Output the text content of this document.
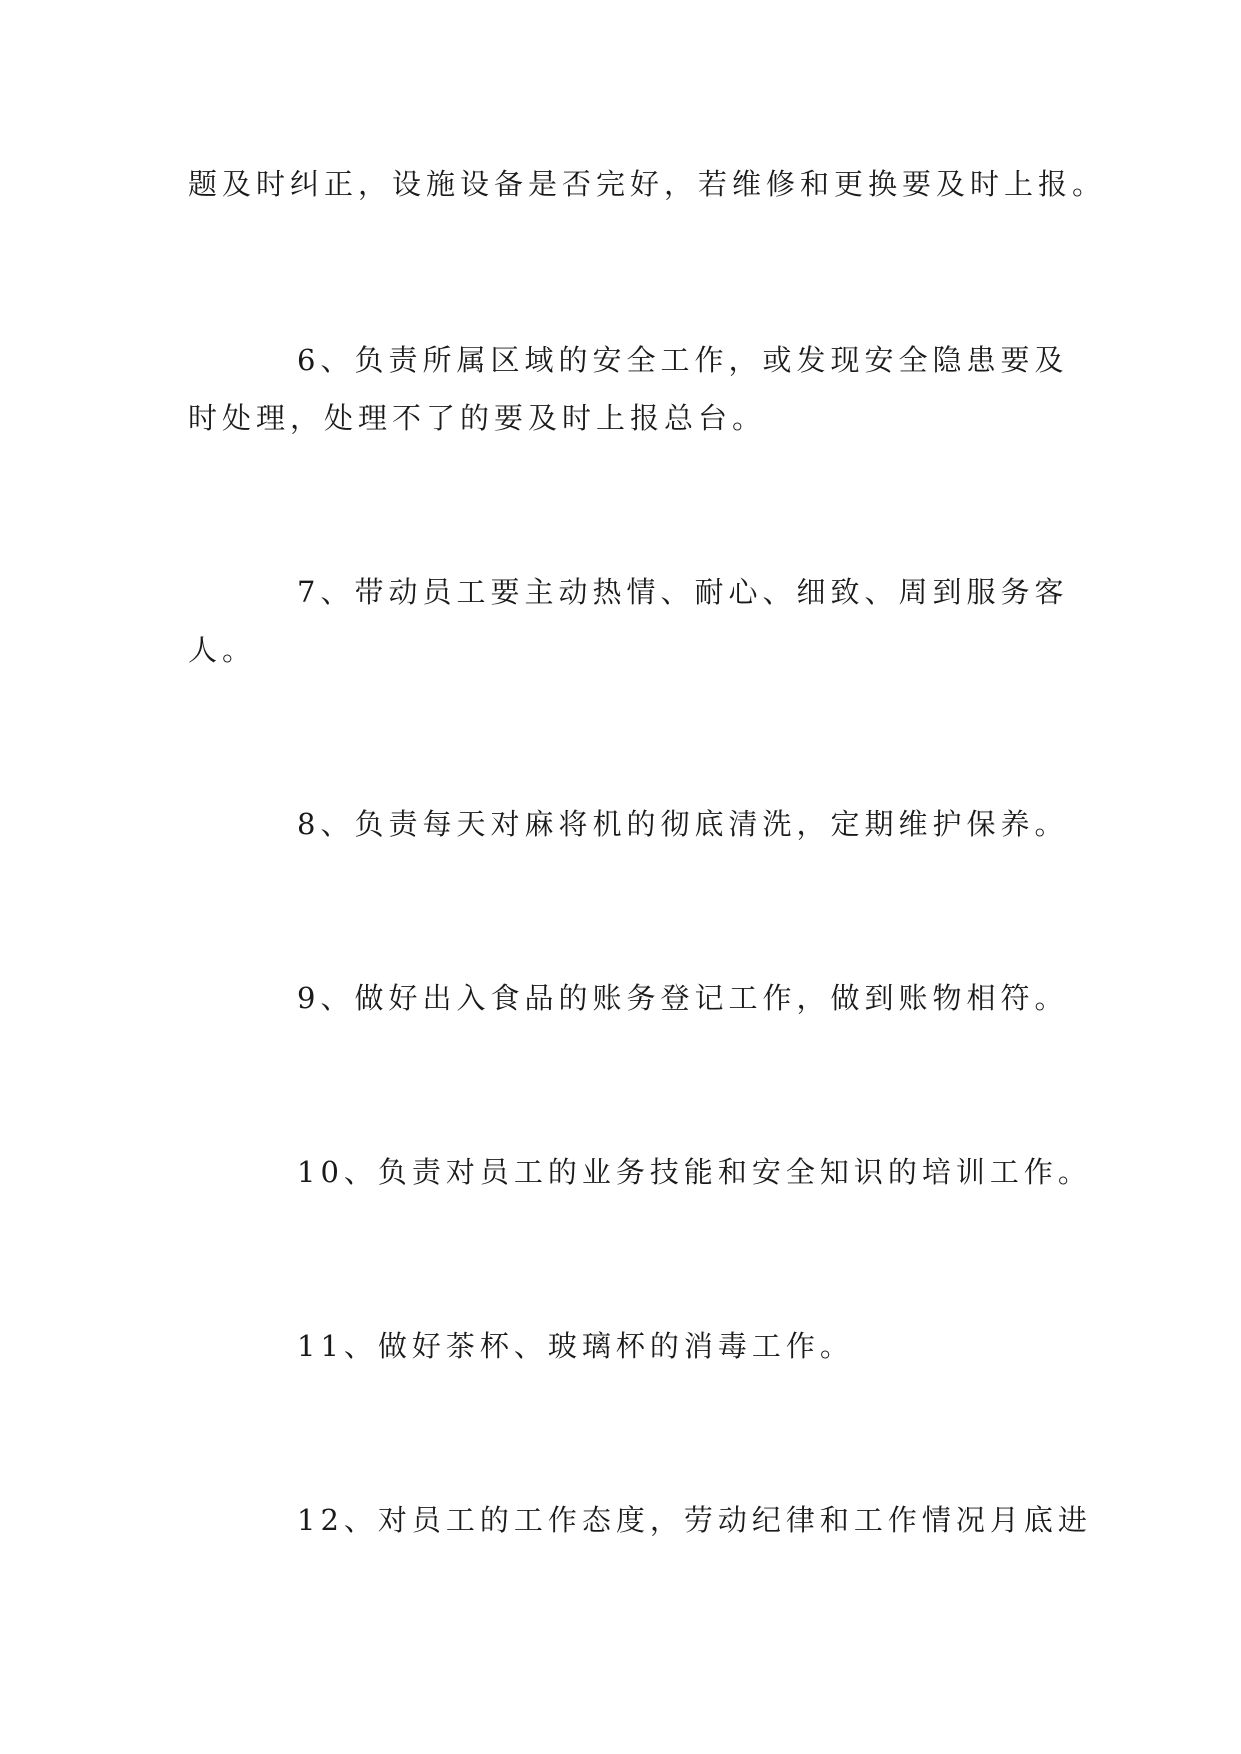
题及时纠正，设施设备是否完好，若维修和更换要及时上报。
6、负责所属区域的安全工作，或发现安全隐患要及
时处理，处理不了的要及时上报总台。
7、带动员工要主动热情、耐心、细致、周到服务客
人。
8、负责每天对麻将机的彻底清洗，定期维护保养。
9、做好出入食品的账务登记工作，做到账物相符。
10、负责对员工的业务技能和安全知识的培训工作。
11、做好茶杯、玻璃杯的消毒工作。
12、对员工的工作态度，劳动纪律和工作情况月底进
